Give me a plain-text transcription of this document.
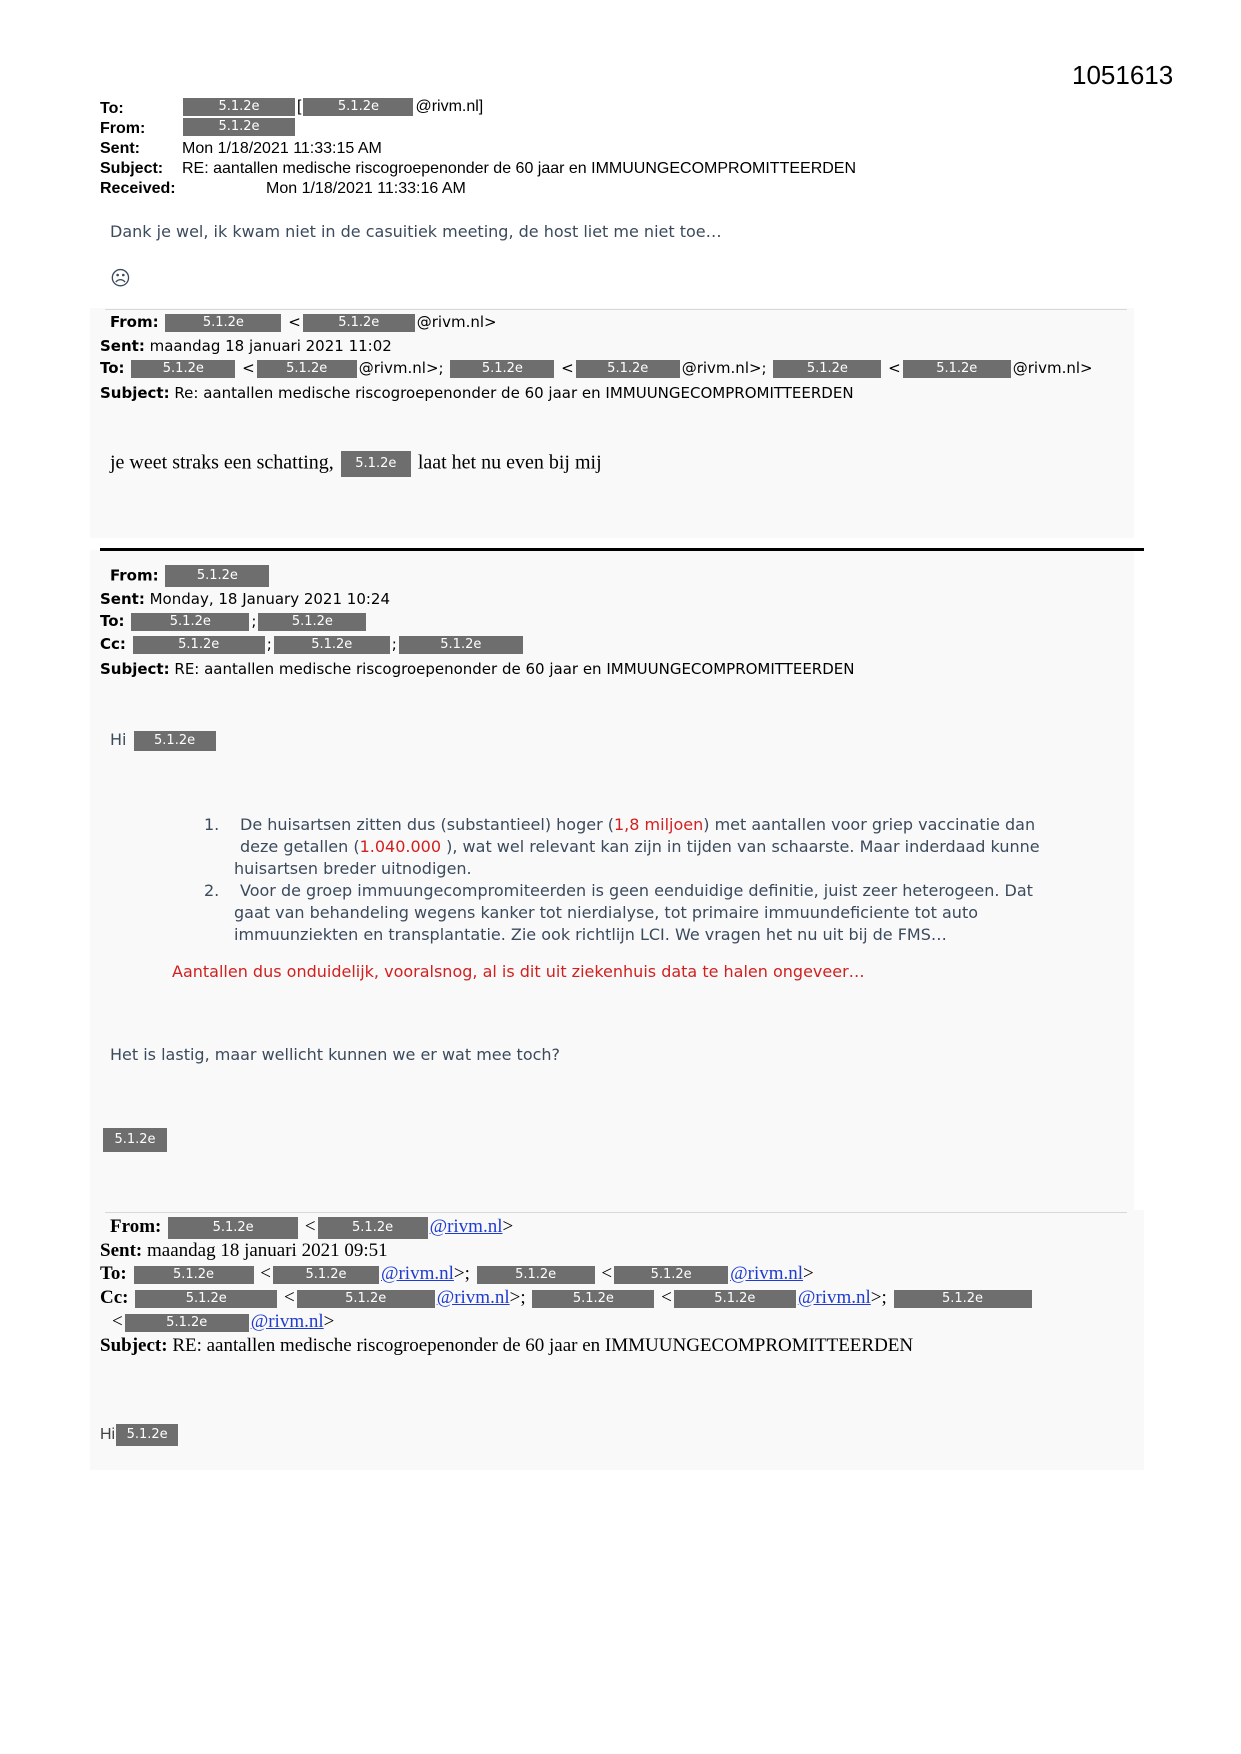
1051613
To:	5.1.2e [	5.1.2e @rivm.nl]
From:	5.1.2e
Sent:	Mon 1/18/2021 11:33:15 AM
Subject: RE: aantallen medische riscogroepenonder de 60 jaar en IMMUUNGECOMPROMITTEERDEN
Received:	Mon 1/18/2021 11:33:16 AM
Dank je wel, ik kwam niet in de casuitiek meeting, de host liet me niet toe…
☹
From:	5.1.2e	<	5.1.2e @rivm.nl>
Sent: maandag 18 januari 2021 11:02
To:	5.1.2e	< 5.1.2e @rivm.nl>;	5.1.2e	<	5.1.2e @rivm.nl>;	5.1.2e	<	5.1.2e @rivm.nl>
Subject: Re: aantallen medische riscogroepenonder de 60 jaar en IMMUUNGECOMPROMITTEERDEN
je weet straks een schatting, 5.1.2e laat het nu even bij mij
From:	5.1.2e
Sent: Monday, 18 January 2021 10:24
To:	5.1.2e	;	5.1.2e
Cc:	5.1.2e	;	5.1.2e	;	5.1.2e
Subject: RE: aantallen medische riscogroepenonder de 60 jaar en IMMUUNGECOMPROMITTEERDEN
Hi 5.1.2e
1. De huisartsen zitten dus (substantieel) hoger (1,8 miljoen) met aantallen voor griep vaccinatie dan
deze getallen (1.040.000 ), wat wel relevant kan zijn in tijden van schaarste. Maar inderdaad kunne
huisartsen breder uitnodigen.
2. Voor de groep immuungecompromiteerden is geen eenduidige definitie, juist zeer heterogeen. Dat
gaat van behandeling wegens kanker tot nierdialyse, tot primaire immuundeficiente tot auto
immuunziekten en transplantatie. Zie ook richtlijn LCI. We vragen het nu uit bij de FMS…
Aantallen dus onduidelijk, vooralsnog, al is dit uit ziekenhuis data te halen ongeveer…
Het is lastig, maar wellicht kunnen we er wat mee toch?
5.1.2e
From:	5.1.2e	<	5.1.2e @rivm.nl>
Sent: maandag 18 januari 2021 09:51
To:	5.1.2e <	5.1.2e @rivm.nl>;	5.1.2e <	5.1.2e @rivm.nl>
Cc:	5.1.2e	<	5.1.2e	@rivm.nl>;	5.1.2e <	5.1.2e @rivm.nl>;	5.1.2e
<	5.1.2e @rivm.nl>
Subject: RE: aantallen medische riscogroepenonder de 60 jaar en IMMUUNGECOMPROMITTEERDEN
Hi 5.1.2e
